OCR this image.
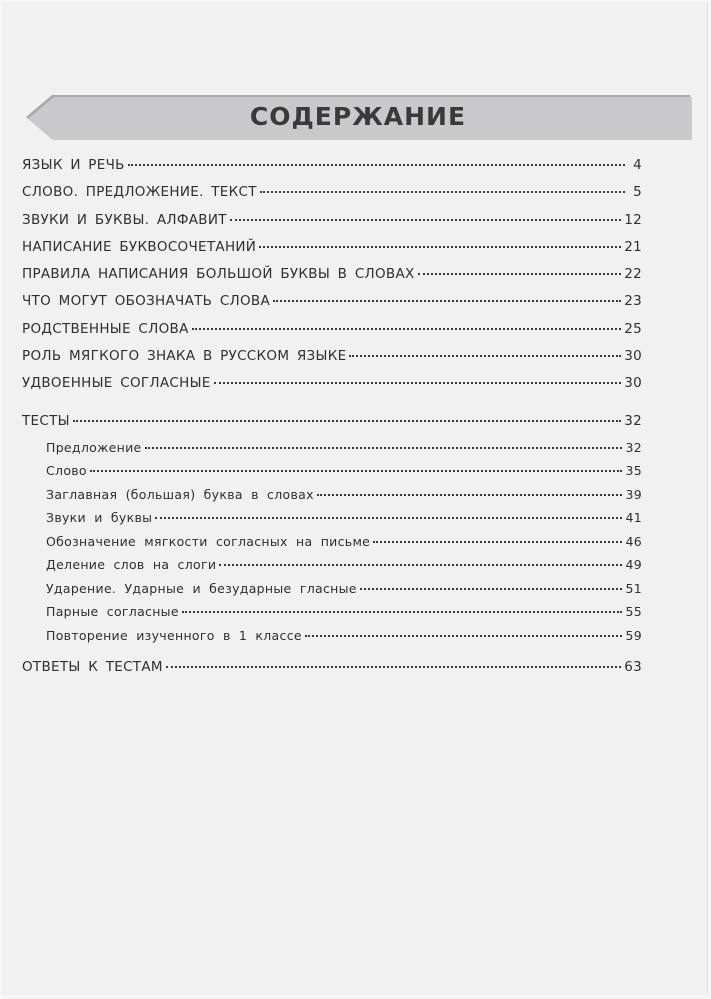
СОДЕРЖАНИЕ
ЯЗЫК И РЕЧЬ	4
СЛОВО. ПРЕДЛОЖЕНИЕ. ТЕКСТ	5
ЗВУКИ И БУКВЫ. АЛФАВИТ	12
НАПИСАНИЕ БУКВОСОЧЕТАНИЙ	21
ПРАВИЛА НАПИСАНИЯ БОЛЬШОЙ БУКВЫ В СЛОВАХ	22
ЧТО МОГУТ ОБОЗНАЧАТЬ СЛОВА	23
РОДСТВЕННЫЕ СЛОВА	25
РОЛЬ МЯГКОГО ЗНАКА В РУССКОМ ЯЗЫКЕ	30
УДВОЕННЫЕ СОГЛАСНЫЕ	30
ТЕСТЫ	32
Предложение	32
Слово	35
Заглавная (большая) буква в словах	39
Звуки и буквы	41
Обозначение мягкости согласных на письме	46
Деление слов на слоги	49
Ударение. Ударные и безударные гласные	51
Парные согласные	55
Повторение изученного в 1 классе	59
ОТВЕТЫ К ТЕСТАМ	63
